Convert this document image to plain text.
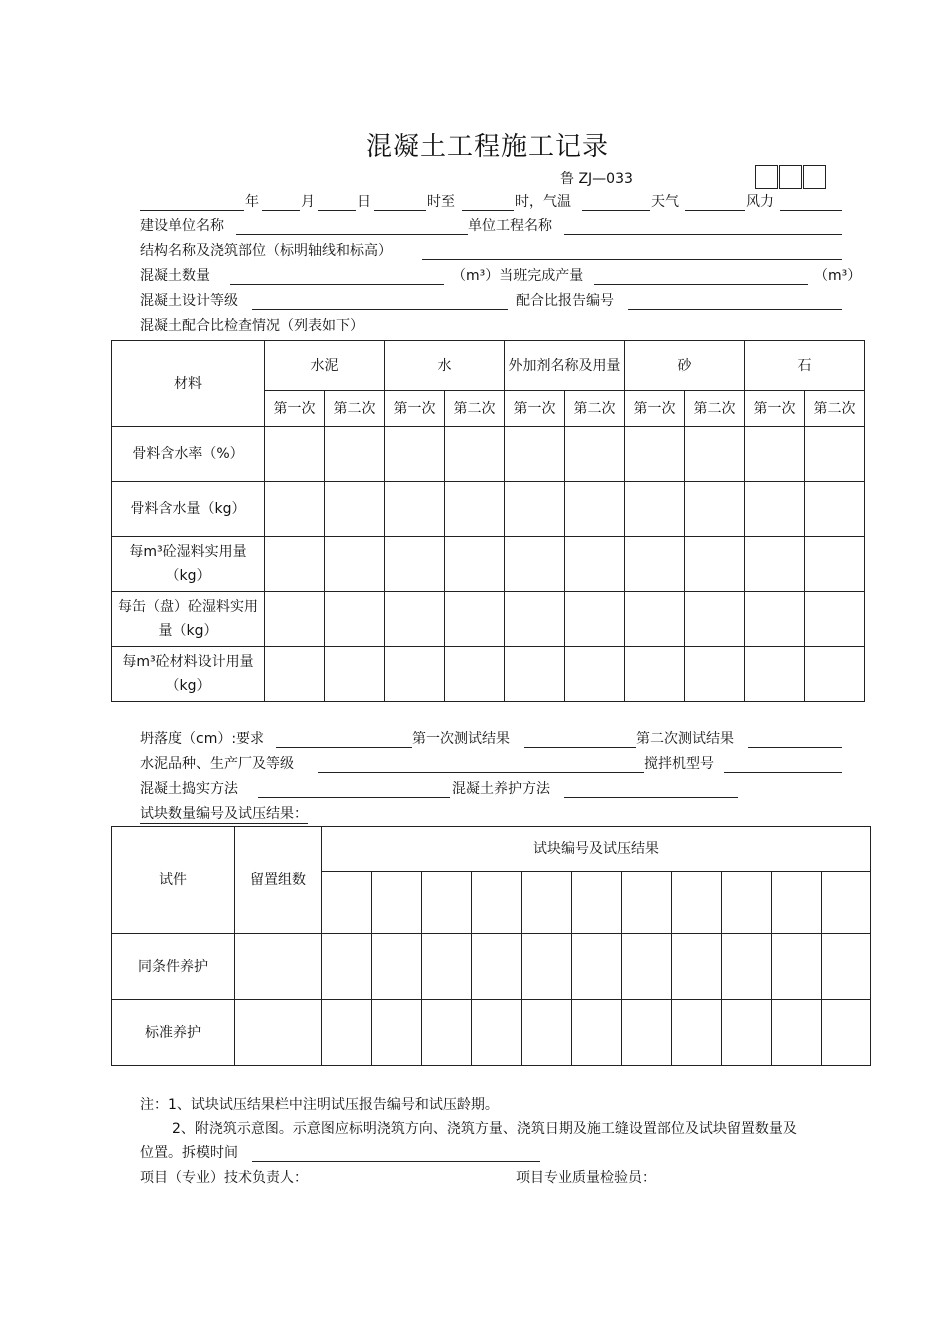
混凝土工程施工记录
鲁 ZJ—033
年	月	日	时至	时，气温	天气	风力
建设单位名称	单位工程名称
结构名称及浇筑部位（标明轴线和标高）
混凝土数量	（m³）当班完成产量	（m³）
混凝土设计等级	配合比报告编号
混凝土配合比检查情况（列表如下）
材料	水泥		水		外加剂名称及用量		砂		石	
	第一次	第二次	第一次	第二次	第一次	第二次	第一次	第二次	第一次	第二次
骨料含水率（%）										
骨料含水量（kg）										
每m³砼湿料实用量（kg）										
每缶（盘）砼湿料实用量（kg）										
每m³砼材料设计用量（kg）										
坍落度（cm）:要求	第一次测试结果	第二次测试结果
水泥品种、生产厂及等级	搅拌机型号
混凝土捣实方法	混凝土养护方法
试块数量编号及试压结果：
试件	留置组数	试块编号及试压结果										

同条件养护												
标准养护												
注：1、试块试压结果栏中注明试压报告编号和试压龄期。
2、附浇筑示意图。示意图应标明浇筑方向、浇筑方量、浇筑日期及施工缝设置部位及试块留置数量及
位置。拆模时间
项目（专业）技术负责人：	项目专业质量检验员：
